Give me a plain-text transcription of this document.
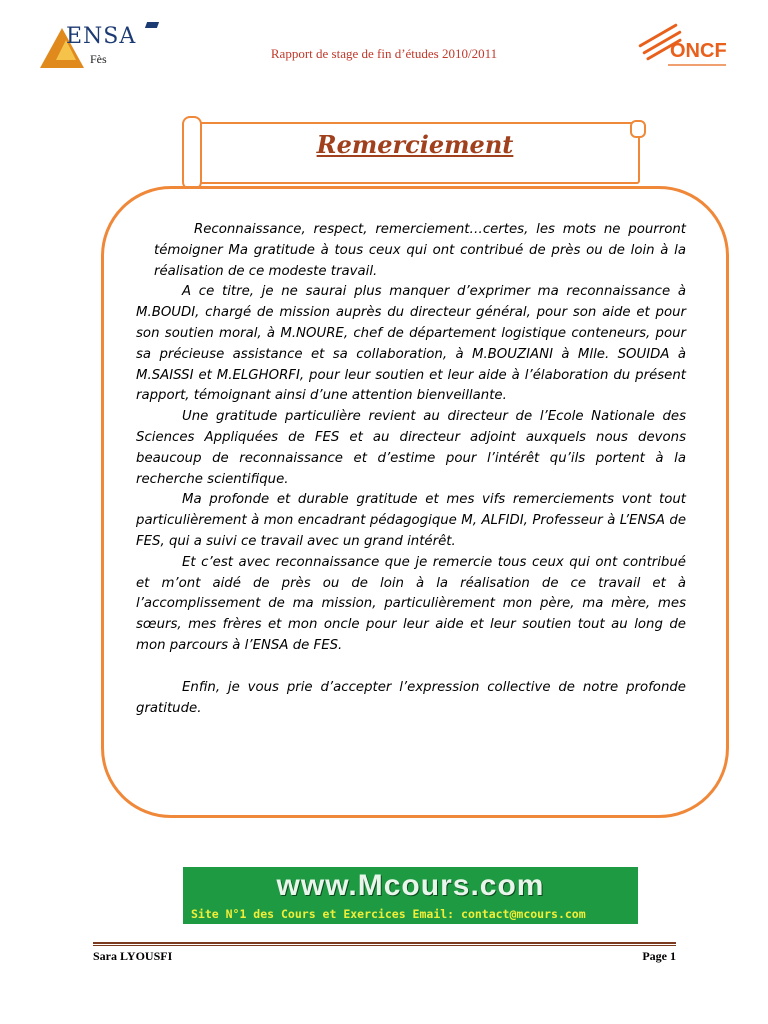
ENSA
Fès	Rapport de stage de fin d’études 2010/2011	ONCF
Remerciement

Reconnaissance, respect, remerciement…certes, les mots ne pourront témoigner Ma gratitude à tous ceux qui ont contribué de près ou de loin à la réalisation de ce modeste travail.

A ce titre, je ne saurai plus manquer d’exprimer ma reconnaissance à M.BOUDI, chargé de mission auprès du directeur général, pour son aide et pour son soutien moral, à M.NOURE, chef de département logistique conteneurs, pour sa précieuse assistance et sa collaboration, à M.BOUZIANI à Mlle. SOUIDA à M.SAISSI et M.ELGHORFI, pour leur soutien et leur aide à l’élaboration du présent rapport, témoignant ainsi d’une attention bienveillante.

Une gratitude particulière revient au directeur de l’Ecole Nationale des Sciences Appliquées de FES et au directeur adjoint auxquels nous devons beaucoup de reconnaissance et d’estime pour l’intérêt qu’ils portent à la recherche scientifique.

Ma profonde et durable gratitude et mes vifs remerciements vont tout particulièrement à mon encadrant pédagogique M, ALFIDI, Professeur à L’ENSA de FES, qui a suivi ce travail avec un grand intérêt.

Et c’est avec reconnaissance que je remercie tous ceux qui ont contribué et m’ont aidé de près ou de loin à la réalisation de ce travail et à l’accomplissement de ma mission, particulièrement mon père, ma mère, mes sœurs, mes frères et mon oncle pour leur aide et leur soutien tout au long de mon parcours à l’ENSA de FES.

Enfin, je vous prie d’accepter l’expression collective de notre profonde gratitude.

www.Mcours.com
Site N°1 des Cours et Exercices Email: contact@mcours.com
Sara LYOUSFI	Page 1
